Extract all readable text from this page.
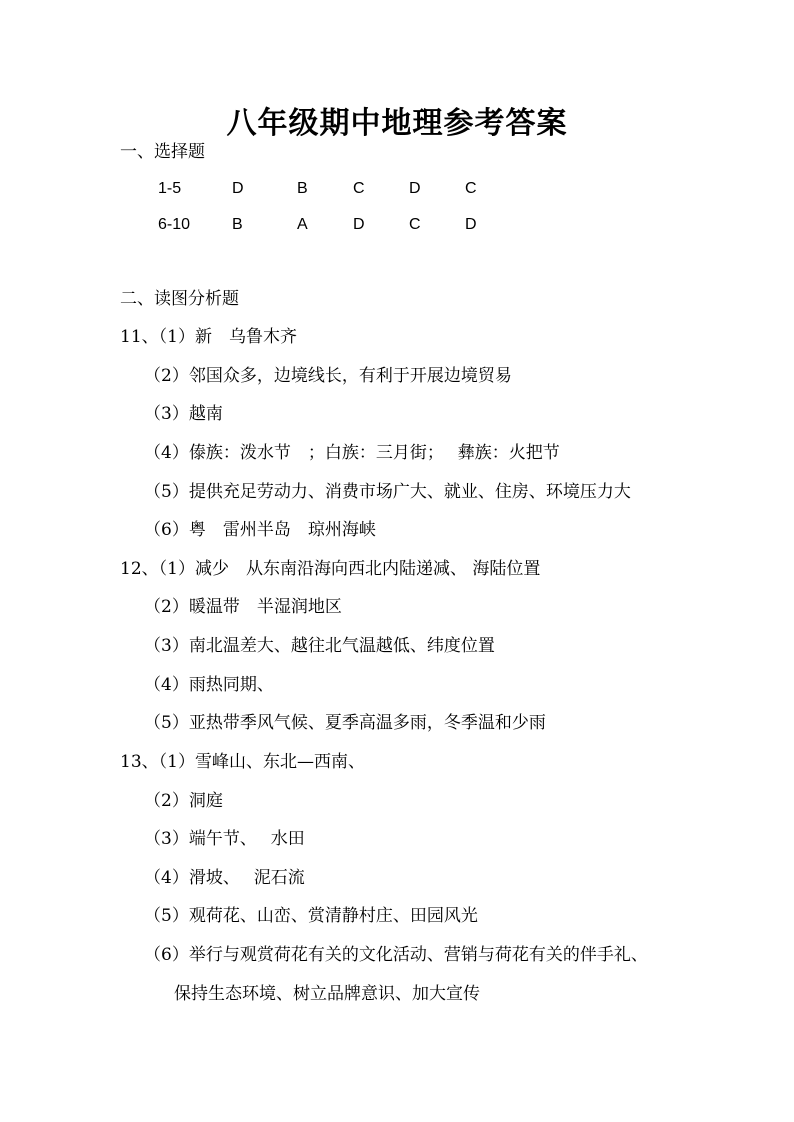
八年级期中地理参考答案
一、选择题
1-5	D	B	C	D	C
6-10	B	A	D	C	D
二、读图分析题
11、（1）新　乌鲁木齐
（2）邻国众多，边境线长，有利于开展边境贸易
（3）越南
（4）傣族：泼水节　；白族：三月街；　 彝族：火把节
（5）提供充足劳动力、消费市场广大、就业、住房、环境压力大
（6）粤　雷州半岛　琼州海峡
12、（1）减少　从东南沿海向西北内陆递减、 海陆位置
（2）暖温带　半湿润地区
（3）南北温差大、越往北气温越低、纬度位置
（4）雨热同期、
（5）亚热带季风气候、夏季高温多雨，冬季温和少雨
13、（1）雪峰山、东北—西南、
（2）洞庭
（3）端午节、　 水田
（4）滑坡、　 泥石流
（5）观荷花、山峦、赏清静村庄、田园风光
（6）举行与观赏荷花有关的文化活动、营销与荷花有关的伴手礼、
保持生态环境、树立品牌意识、加大宣传
